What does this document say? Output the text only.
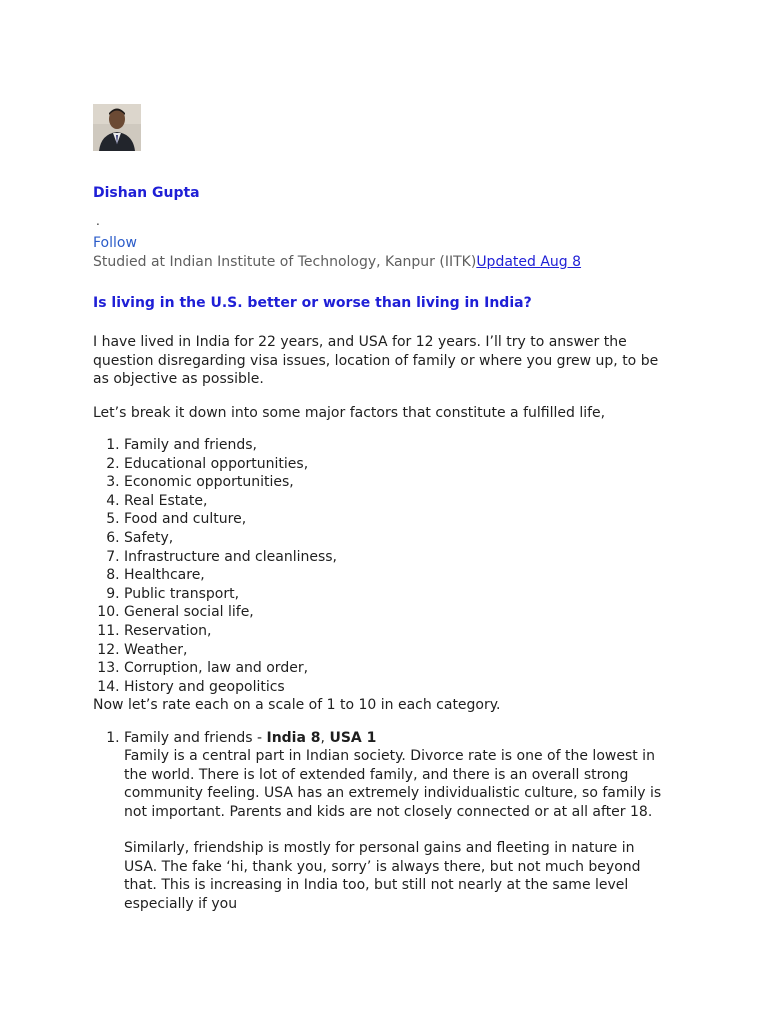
Dishan Gupta
.
Follow
Studied at Indian Institute of Technology, Kanpur (IITK)Updated Aug 8
Is living in the U.S. better or worse than living in India?

I have lived in India for 22 years, and USA for 12 years. I’ll try to answer the question disregarding visa issues, location of family or where you grew up, to be as objective as possible.

Let’s break it down into some major factors that constitute a fulfilled life,

1. Family and friends,
2. Educational opportunities,
3. Economic opportunities,
4. Real Estate,
5. Food and culture,
6. Safety,
7. Infrastructure and cleanliness,
8. Healthcare,
9. Public transport,
10. General social life,
11. Reservation,
12. Weather,
13. Corruption, law and order,
14. History and geopolitics

Now let’s rate each on a scale of 1 to 10 in each category.

1. Family and friends - India 8, USA 1

Family is a central part in Indian society. Divorce rate is one of the lowest in the world. There is lot of extended family, and there is an overall strong community feeling. USA has an extremely individualistic culture, so family is not important. Parents and kids are not closely connected or at all after 18.

Similarly, friendship is mostly for personal gains and fleeting in nature in USA. The fake ‘hi, thank you, sorry’ is always there, but not much beyond that. This is increasing in India too, but still not nearly at the same level especially if you
